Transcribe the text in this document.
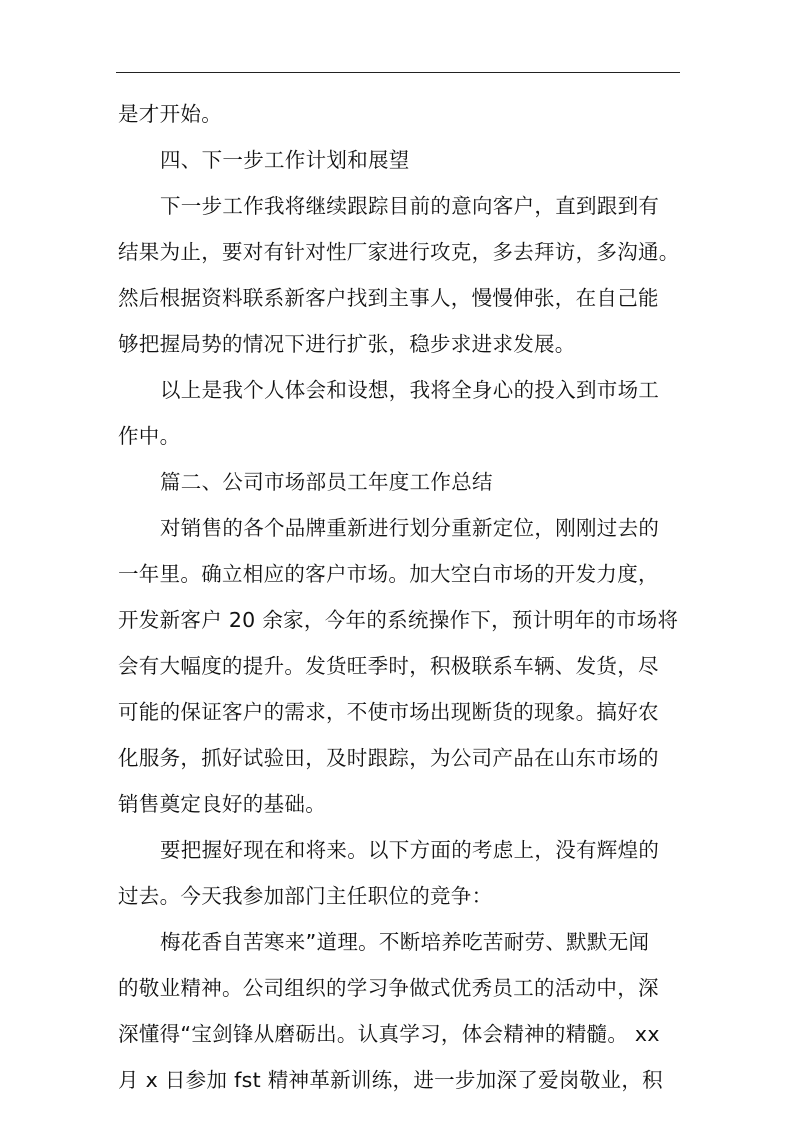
是才开始。
四、下一步工作计划和展望
下一步工作我将继续跟踪目前的意向客户，直到跟到有
结果为止，要对有针对性厂家进行攻克，多去拜访，多沟通。
然后根据资料联系新客户找到主事人，慢慢伸张，在自己能
够把握局势的情况下进行扩张，稳步求进求发展。
以上是我个人体会和设想，我将全身心的投入到市场工
作中。
篇二、公司市场部员工年度工作总结
对销售的各个品牌重新进行划分重新定位，刚刚过去的
一年里。确立相应的客户市场。加大空白市场的开发力度，
开发新客户 20 余家，今年的系统操作下，预计明年的市场将
会有大幅度的提升。发货旺季时，积极联系车辆、发货，尽
可能的保证客户的需求，不使市场出现断货的现象。搞好农
化服务，抓好试验田，及时跟踪，为公司产品在山东市场的
销售奠定良好的基础。
要把握好现在和将来。以下方面的考虑上，没有辉煌的
过去。今天我参加部门主任职位的竞争：
梅花香自苦寒来”道理。不断培养吃苦耐劳、默默无闻
的敬业精神。公司组织的学习争做式优秀员工的活动中，深
深懂得“宝剑锋从磨砺出。认真学习，体会精神的精髓。 xx
月 x 日参加 fst 精神革新训练，进一步加深了爱岗敬业，积
